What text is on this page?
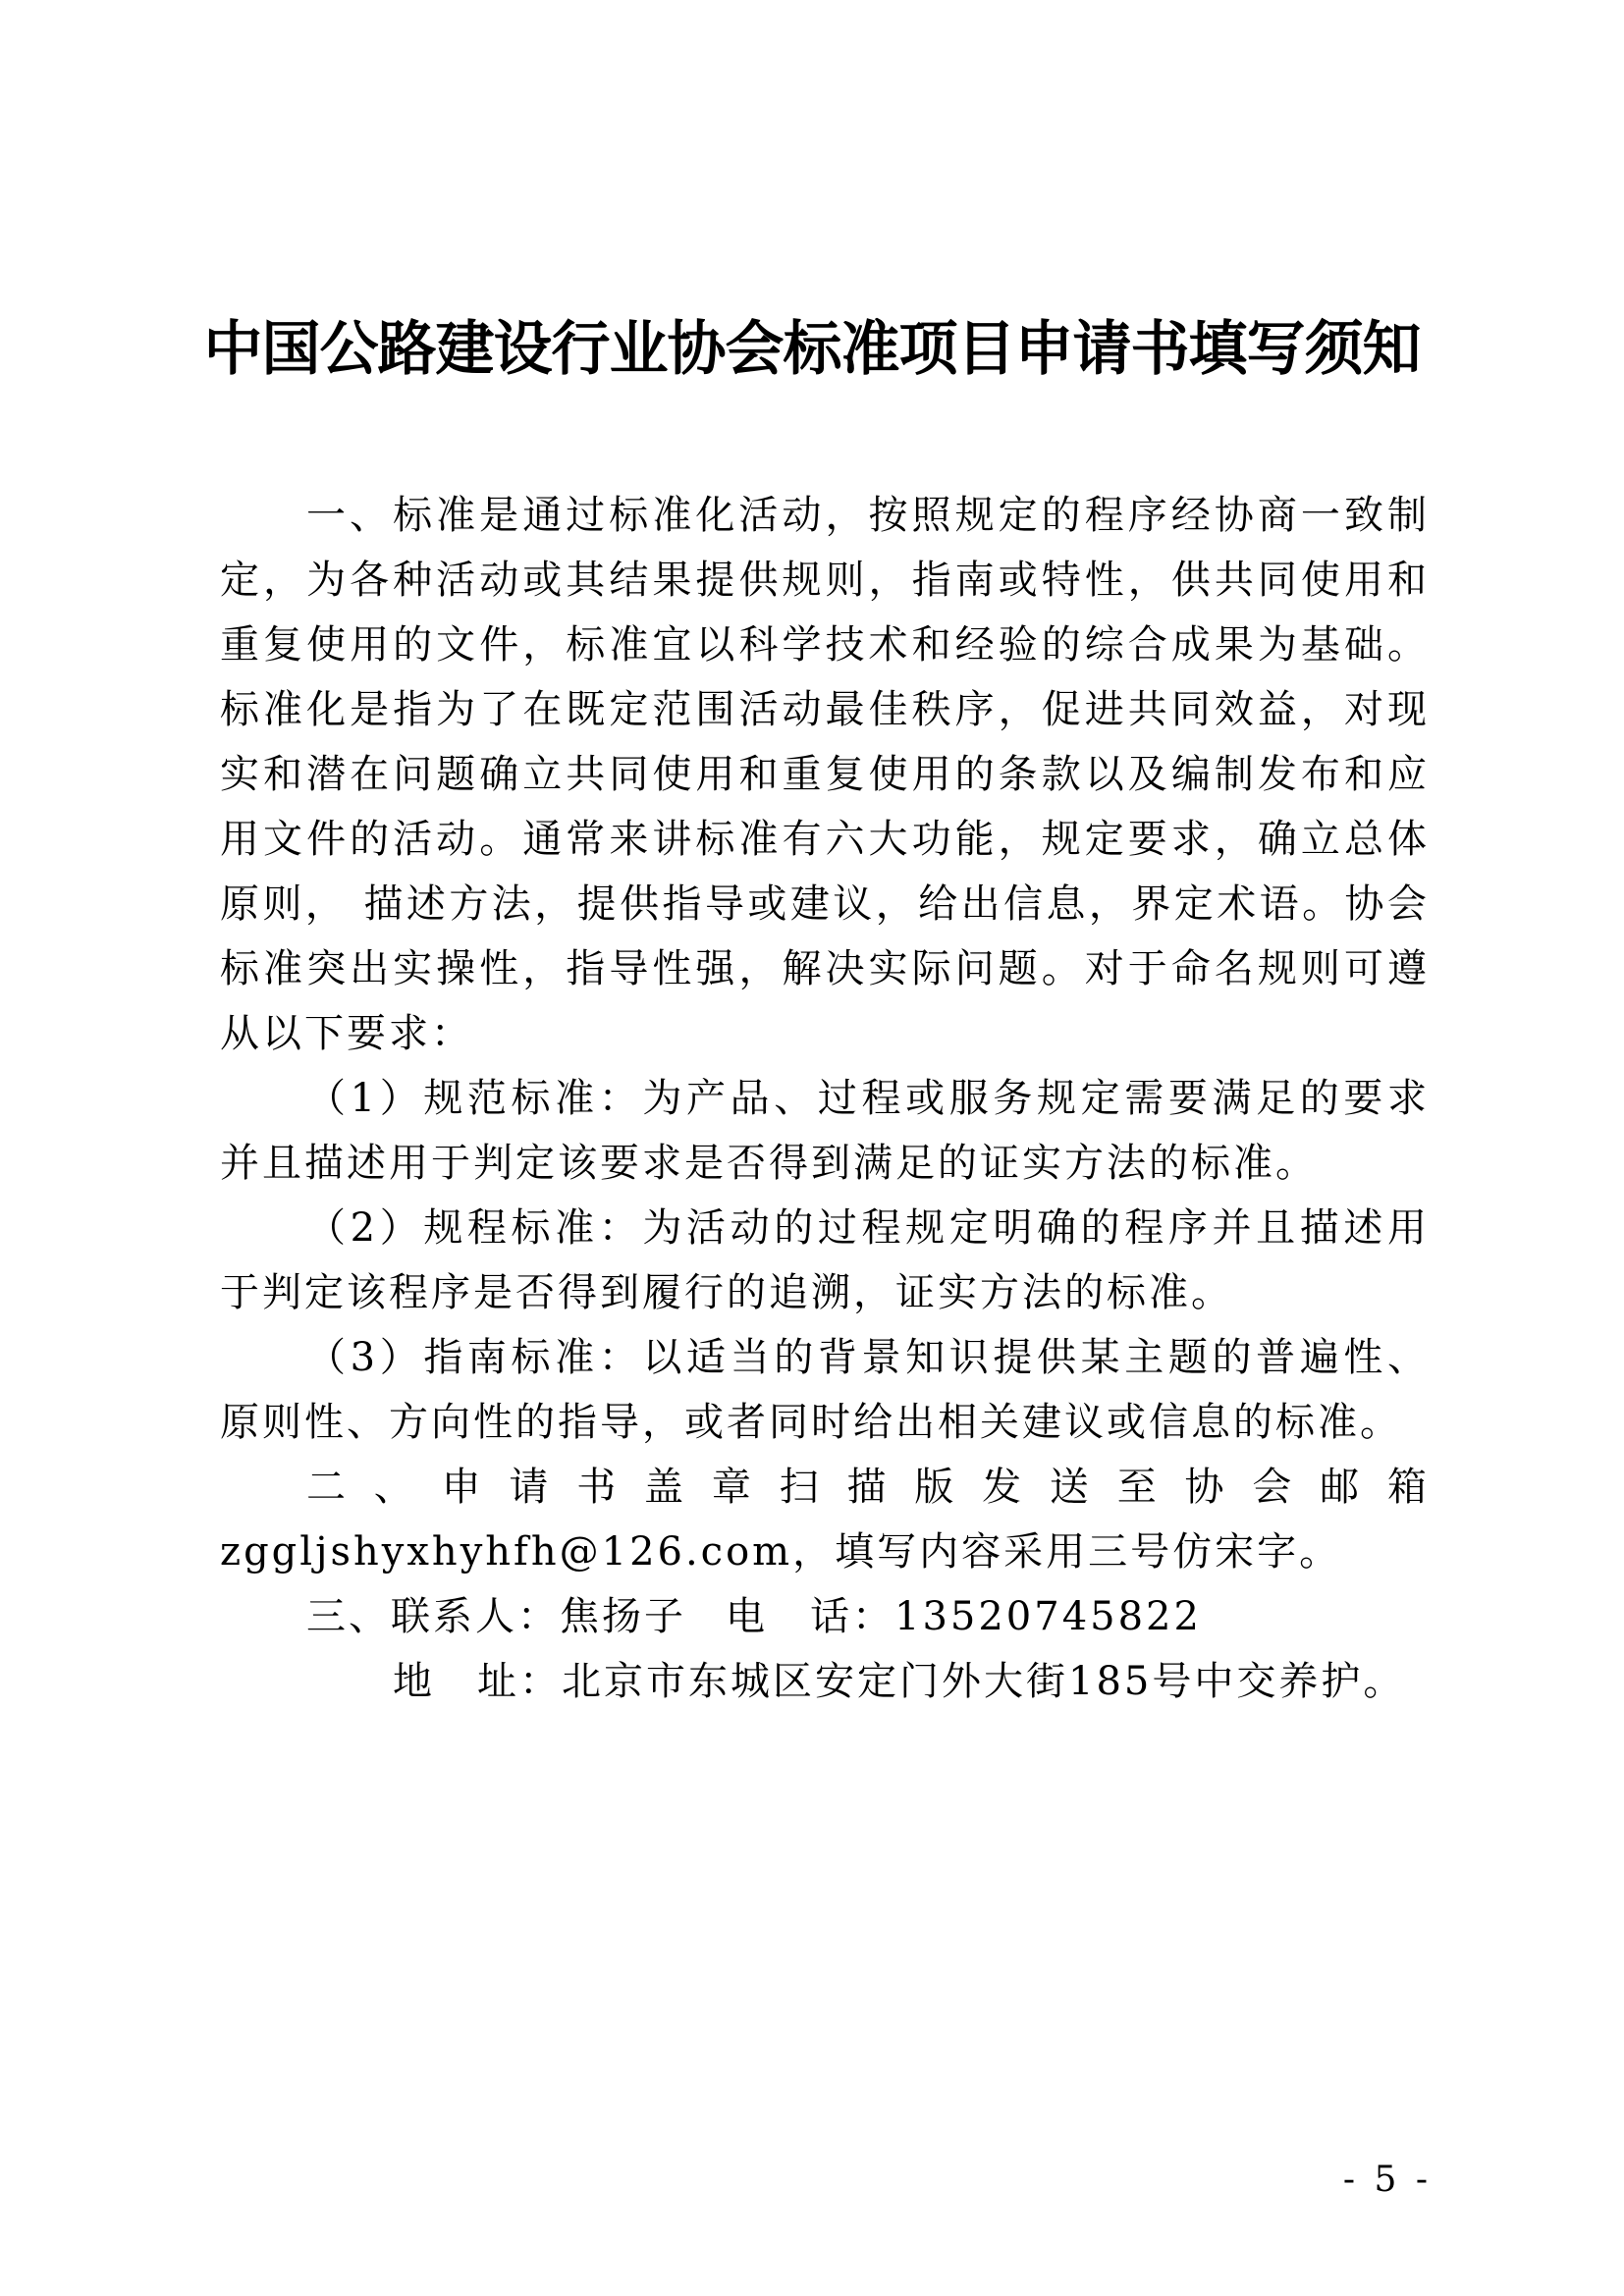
中国公路建设行业协会标准项目申请书填写须知

一、标准是通过标准化活动，按照规定的程序经协商一致制定，为各种活动或其结果提供规则，指南或特性，供共同使用和重复使用的文件，标准宜以科学技术和经验的综合成果为基础。标准化是指为了在既定范围活动最佳秩序，促进共同效益，对现实和潜在问题确立共同使用和重复使用的条款以及编制发布和应用文件的活动。通常来讲标准有六大功能，规定要求，确立总体原则， 描述方法，提供指导或建议，给出信息，界定术语。协会标准突出实操性，指导性强，解决实际问题。对于命名规则可遵从以下要求：

（1）规范标准：为产品、过程或服务规定需要满足的要求并且描述用于判定该要求是否得到满足的证实方法的标准。

（2）规程标准：为活动的过程规定明确的程序并且描述用于判定该程序是否得到履行的追溯，证实方法的标准。

（3）指南标准：以适当的背景知识提供某主题的普遍性、原则性、方向性的指导，或者同时给出相关建议或信息的标准。

二、申请书盖章扫描版发送至协会邮箱

zggljshyxhyhfh@126.com，填写内容采用三号仿宋字。

三、联系人：焦扬子 电　话：13520745822

地　址：北京市东城区安定门外大街185号中交养护。

- 5 -
